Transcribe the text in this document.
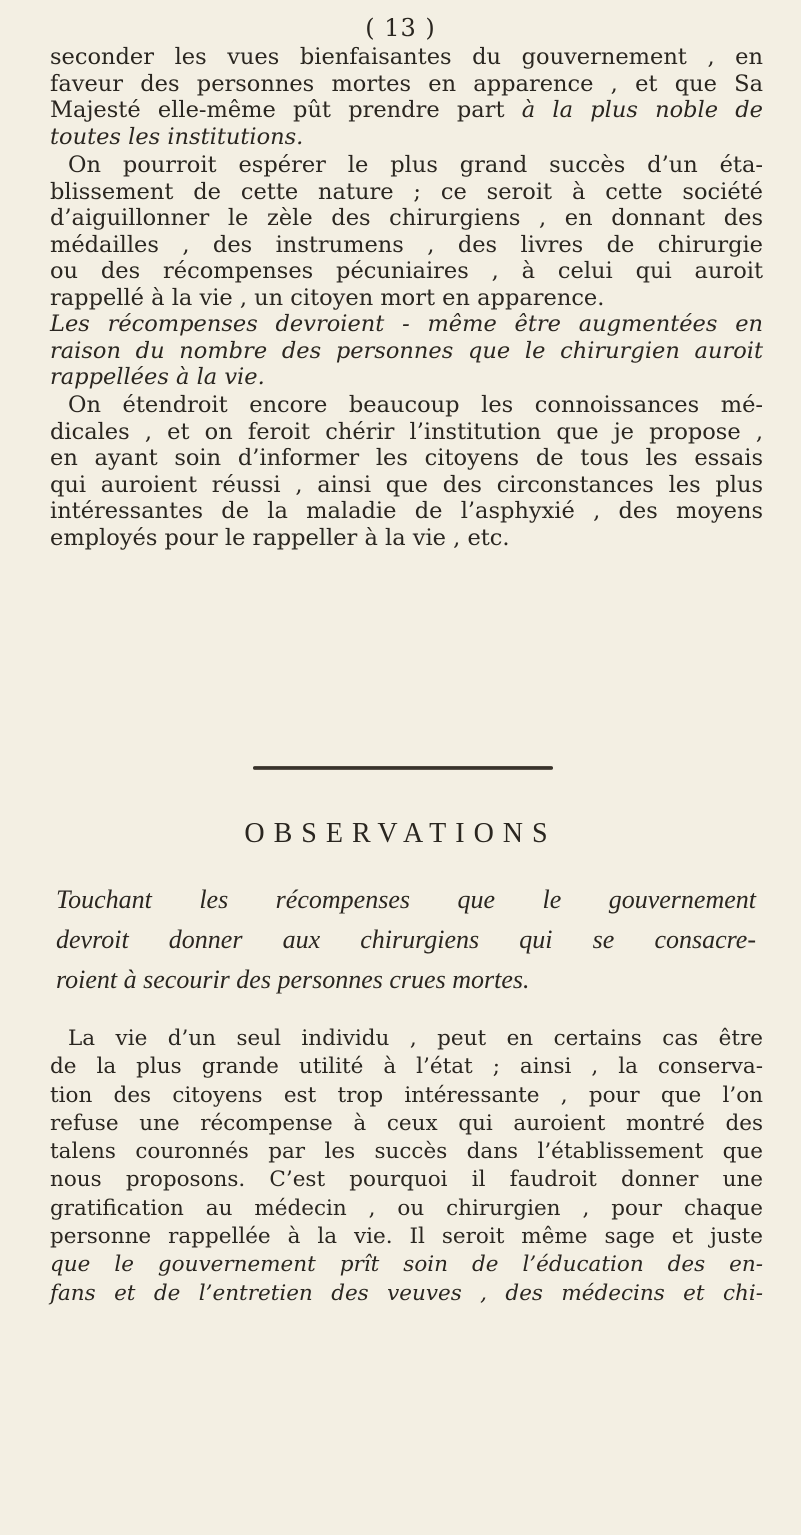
( 13 )
seconder les vues bienfaisantes du gouvernement , en
faveur des personnes mortes en apparence , et que Sa
Majesté elle-même pût prendre part à la plus noble de
toutes les institutions.
On pourroit espérer le plus grand succès d’un éta-
blissement de cette nature ; ce seroit à cette société
d’aiguillonner le zèle des chirurgiens , en donnant des
médailles , des instrumens , des livres de chirurgie
ou des récompenses pécuniaires , à celui qui auroit
rappellé à la vie , un citoyen mort en apparence.
Les récompenses devroient - même être augmentées en
raison du nombre des personnes que le chirurgien auroit
rappellées à la vie.
On étendroit encore beaucoup les connoissances mé-
dicales , et on feroit chérir l’institution que je propose ,
en ayant soin d’informer les citoyens de tous les essais
qui auroient réussi , ainsi que des circonstances les plus
intéressantes de la maladie de l’asphyxié , des moyens
employés pour le rappeller à la vie , etc.
OBSERVATIONS
Touchant les récompenses que le gouvernement
devroit donner aux chirurgiens qui se consacre-
roient à secourir des personnes crues mortes.
La vie d’un seul individu , peut en certains cas être
de la plus grande utilité à l’état ; ainsi , la conserva-
tion des citoyens est trop intéressante , pour que l’on
refuse une récompense à ceux qui auroient montré des
talens couronnés par les succès dans l’établissement que
nous proposons. C’est pourquoi il faudroit donner une
gratification au médecin , ou chirurgien , pour chaque
personne rappellée à la vie. Il seroit même sage et juste
que le gouvernement prît soin de l’éducation des en-
fans et de l’entretien des veuves , des médecins et chi-
